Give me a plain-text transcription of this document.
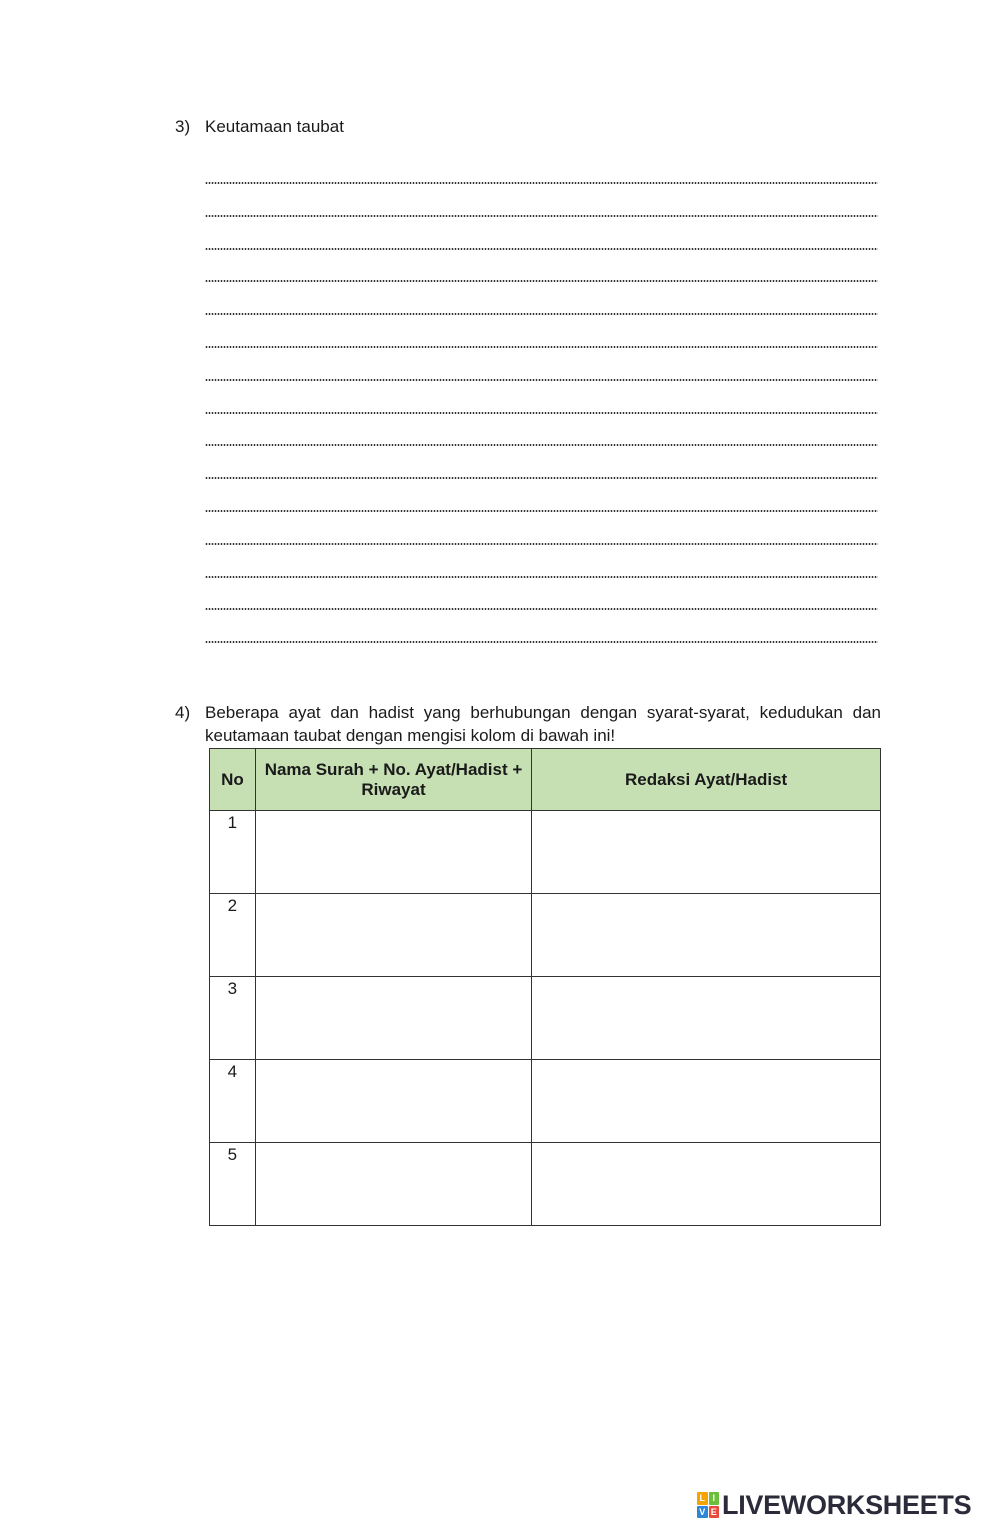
3) Keutamaan taubat
4) Beberapa ayat dan hadist yang berhubungan dengan syarat-syarat, kedudukan dan keutamaan taubat dengan mengisi kolom di bawah ini!
No	Nama Surah + No. Ayat/Hadist + Riwayat	Redaksi Ayat/Hadist
1		
2		
3		
4		
5		
L I
V E LIVEWORKSHEETS
